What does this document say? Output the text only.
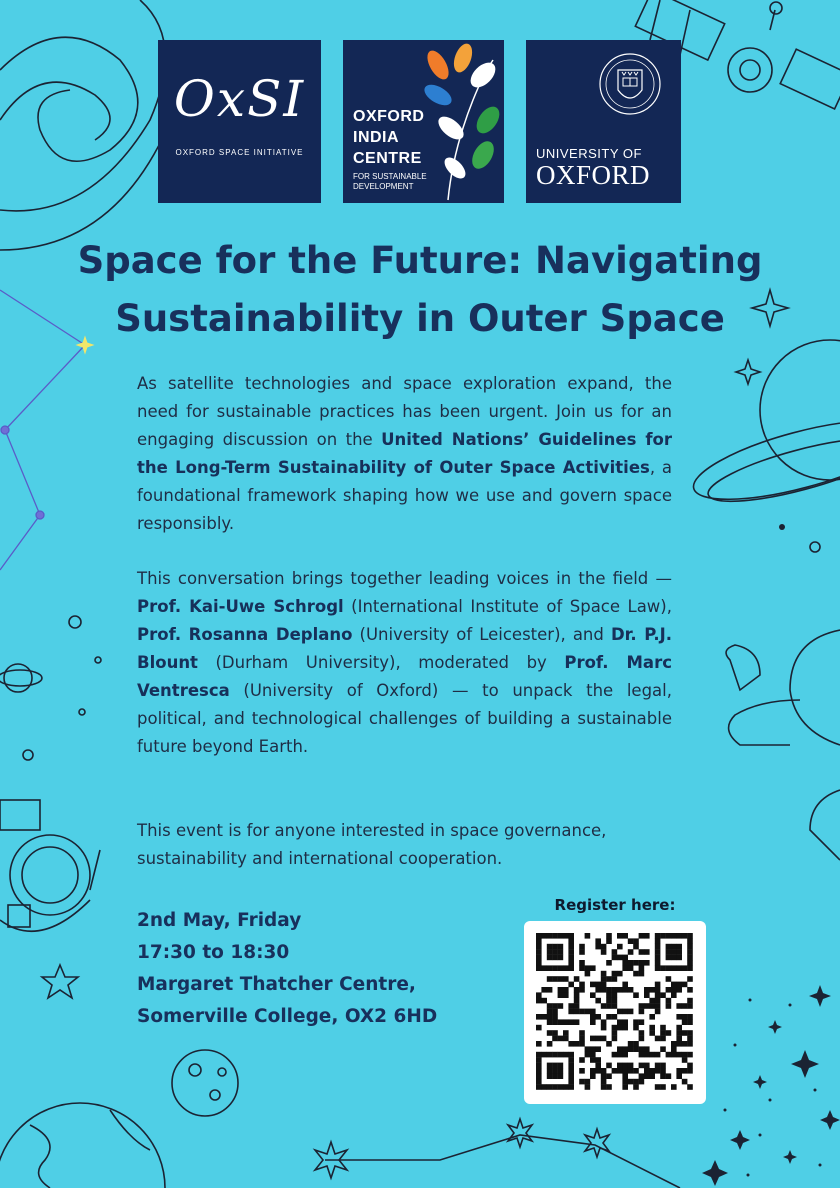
OxSI
OXFORD SPACE INITIATIVE
OXFORD
INDIA
CENTRE
FOR SUSTAINABLE
DEVELOPMENT
UNIVERSITY OF
OXFORD
Space for the Future: Navigating
Sustainability in Outer Space

As satellite technologies and space exploration expand, the need for sustainable practices has been urgent. Join us for an engaging discussion on the United Nations’ Guidelines for the Long-Term Sustainability of Outer Space Activities, a foundational framework shaping how we use and govern space responsibly.

This conversation brings together leading voices in the field — Prof. Kai-Uwe Schrogl (International Institute of Space Law), Prof. Rosanna Deplano (University of Leicester), and Dr. P.J. Blount (Durham University), moderated by Prof. Marc Ventresca (University of Oxford) — to unpack the legal, political, and technological challenges of building a sustainable future beyond Earth.

This event is for anyone interested in space governance, sustainability and international cooperation.

2nd May, Friday
17:30 to 18:30
Margaret Thatcher Centre,
Somerville College, OX2 6HD
Register here:
